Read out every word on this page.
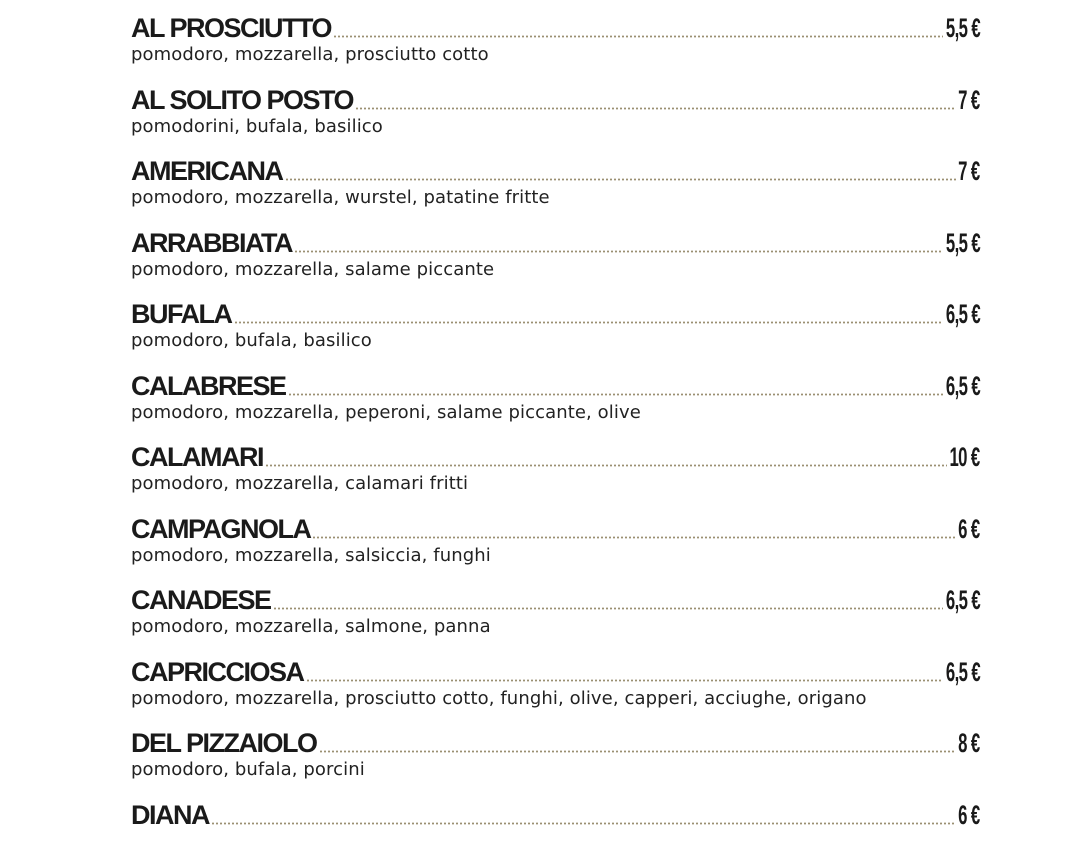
AL PROSCIUTTO	5,5 €
pomodoro, mozzarella, prosciutto cotto
AL SOLITO POSTO	7 €
pomodorini, bufala, basilico
AMERICANA	7 €
pomodoro, mozzarella, wurstel, patatine fritte
ARRABBIATA	5,5 €
pomodoro, mozzarella, salame piccante
BUFALA	6,5 €
pomodoro, bufala, basilico
CALABRESE	6,5 €
pomodoro, mozzarella, peperoni, salame piccante, olive
CALAMARI	10 €
pomodoro, mozzarella, calamari fritti
CAMPAGNOLA	6 €
pomodoro, mozzarella, salsiccia, funghi
CANADESE	6,5 €
pomodoro, mozzarella, salmone, panna
CAPRICCIOSA	6,5 €
pomodoro, mozzarella, prosciutto cotto, funghi, olive, capperi, acciughe, origano
DEL PIZZAIOLO	8 €
pomodoro, bufala, porcini
DIANA	6 €
